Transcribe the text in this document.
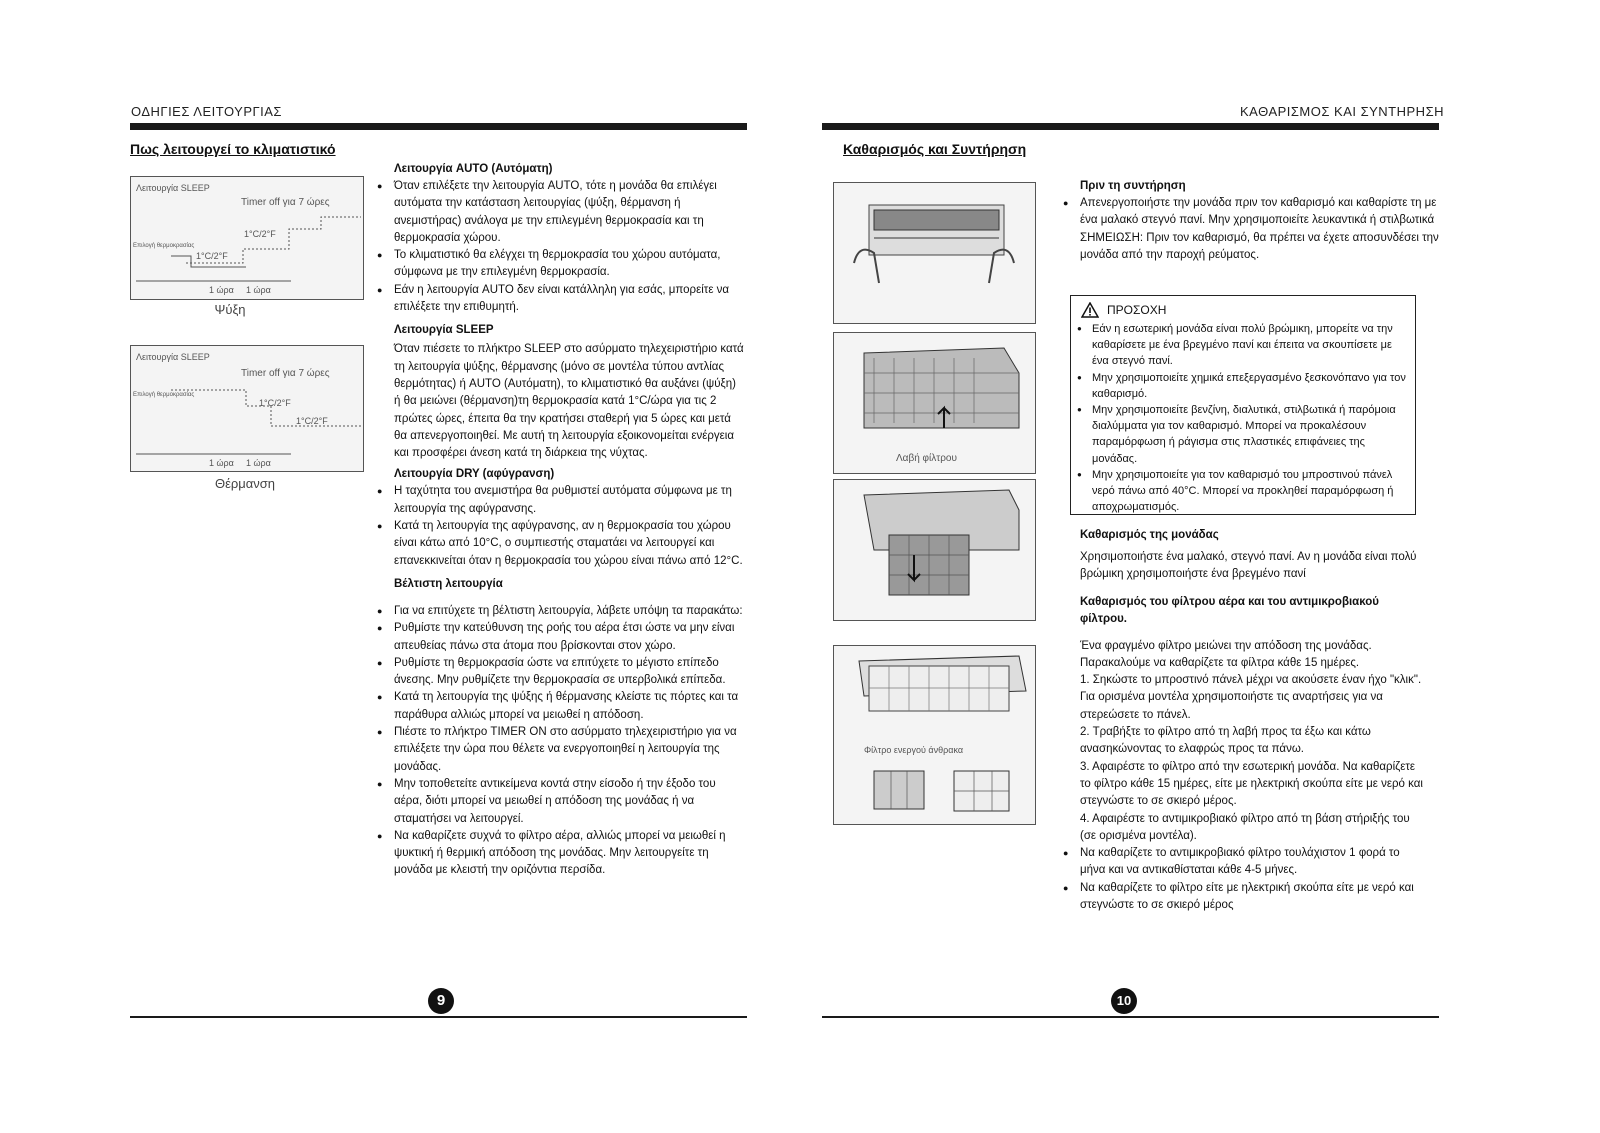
ΟΔΗΓΙΕΣ ΛΕΙΤΟΥΡΓΙΑΣ
Πως λειτουργεί το κλιματιστικό
Λειτουργία SLEEP
Timer off για 7 ώρες
Επιλογή θερμοκρασίας
1°C/2°F
1°C/2°F
1 ώρα 1 ώρα
Ψύξη
Λειτουργία SLEEP
Timer off για 7 ώρες
Επιλογή θερμοκρασίας
1°C/2°F
1°C/2°F
1 ώρα 1 ώρα
Θέρμανση
Λειτουργία AUTO (Αυτόματη)
● Όταν επιλέξετε την λειτουργία AUTO, τότε η μονάδα θα επιλέγει αυτόματα την κατάσταση λειτουργίας (ψύξη, θέρμανση ή ανεμιστήρας) ανάλογα με την επιλεγμένη θερμοκρασία και τη θερμοκρασία χώρου.
● Το κλιματιστικό θα ελέγχει τη θερμοκρασία του χώρου αυτόματα, σύμφωνα με την επιλεγμένη θερμοκρασία.
● Εάν η λειτουργία AUTO δεν είναι κατάλληλη για εσάς, μπορείτε να επιλέξετε την επιθυμητή.
Λειτουργία SLEEP
Όταν πιέσετε το πλήκτρο SLEEP στο ασύρματο τηλεχειριστήριο κατά τη λειτουργία ψύξης, θέρμανσης (μόνο σε μοντέλα τύπου αντλίας θερμότητας) ή AUTO (Αυτόματη), το κλιματιστικό θα αυξάνει (ψύξη) ή θα μειώνει (θέρμανση)τη θερμοκρασία κατά 1°C/ώρα για τις 2 πρώτες ώρες, έπειτα θα την κρατήσει σταθερή για 5 ώρες και μετά θα απενεργοποιηθεί. Με αυτή τη λειτουργία εξοικονομείται ενέργεια και προσφέρει άνεση κατά τη διάρκεια της νύχτας.
Λειτουργία DRY (αφύγρανση)
● Η ταχύτητα του ανεμιστήρα θα ρυθμιστεί αυτόματα σύμφωνα με τη λειτουργία της αφύγρανσης.
● Κατά τη λειτουργία της αφύγρανσης, αν η θερμοκρασία του χώρου είναι κάτω από 10°C, ο συμπιεστής σταματάει να λειτουργεί και επανεκκινείται όταν η θερμοκρασία του χώρου είναι πάνω από 12°C.
Βέλτιστη λειτουργία
● Για να επιτύχετε τη βέλτιστη λειτουργία, λάβετε υπόψη τα παρακάτω:
● Ρυθμίστε την κατεύθυνση της ροής του αέρα έτσι ώστε να μην είναι απευθείας πάνω στα άτομα που βρίσκονται στον χώρο.
● Ρυθμίστε τη θερμοκρασία ώστε να επιτύχετε το μέγιστο επίπεδο άνεσης. Μην ρυθμίζετε την θερμοκρασία σε υπερβολικά επίπεδα.
● Κατά τη λειτουργία της ψύξης ή θέρμανσης κλείστε τις πόρτες και τα παράθυρα αλλιώς μπορεί να μειωθεί η απόδοση.
● Πιέστε το πλήκτρο TIMER ON στο ασύρματο τηλεχειριστήριο για να επιλέξετε την ώρα που θέλετε να ενεργοποιηθεί η λειτουργία της μονάδας.
● Μην τοποθετείτε αντικείμενα κοντά στην είσοδο ή την έξοδο του αέρα, διότι μπορεί να μειωθεί η απόδοση της μονάδας ή να σταματήσει να λειτουργεί.
● Να καθαρίζετε συχνά το φίλτρο αέρα, αλλιώς μπορεί να μειωθεί η ψυκτική ή θερμική απόδοση της μονάδας. Μην λειτουργείτε τη μονάδα με κλειστή την οριζόντια περσίδα.
9
ΚΑΘΑΡΙΣΜΟΣ ΚΑΙ ΣΥΝΤΗΡΗΣΗ
Καθαρισμός και Συντήρηση
Λαβή φίλτρου
Φίλτρο ενεργού άνθρακα
Πριν τη συντήρηση
● Απενεργοποιήστε την μονάδα πριν τον καθαρισμό και καθαρίστε τη με ένα μαλακό στεγνό πανί. Μην χρησιμοποιείτε λευκαντικά ή στιλβωτικά
ΣΗΜΕΙΩΣΗ: Πριν τον καθαρισμό, θα πρέπει να έχετε αποσυνδέσει την μονάδα από την παροχή ρεύματος.
ΠΡΟΣΟΧΗ
● Εάν η εσωτερική μονάδα είναι πολύ βρώμικη, μπορείτε να την καθαρίσετε με ένα βρεγμένο πανί και έπειτα να σκουπίσετε με ένα στεγνό πανί.
● Μην χρησιμοποιείτε χημικά επεξεργασμένο ξεσκονόπανο για τον καθαρισμό.
● Μην χρησιμοποιείτε βενζίνη, διαλυτικά, στιλβωτικά ή παρόμοια διαλύμματα για τον καθαρισμό. Μπορεί να προκαλέσουν παραμόρφωση ή ράγισμα στις πλαστικές επιφάνειες της μονάδας.
● Μην χρησιμοποιείτε για τον καθαρισμό του μπροστινού πάνελ νερό πάνω από 40°C. Μπορεί να προκληθεί παραμόρφωση ή αποχρωματισμός.
Καθαρισμός της μονάδας
Χρησιμοποιήστε ένα μαλακό, στεγνό πανί. Αν η μονάδα είναι πολύ βρώμικη χρησιμοποιήστε ένα βρεγμένο πανί
Καθαρισμός του φίλτρου αέρα και του αντιμικροβιακού φίλτρου.
Ένα φραγμένο φίλτρο μειώνει την απόδοση της μονάδας. Παρακαλούμε να καθαρίζετε τα φίλτρα κάθε 15 ημέρες.
1. Σηκώστε το μπροστινό πάνελ μέχρι να ακούσετε έναν ήχο "κλικ". Για ορισμένα μοντέλα χρησιμοποιήστε τις αναρτήσεις για να στερεώσετε το πάνελ.
2. Τραβήξτε το φίλτρο από τη λαβή προς τα έξω και κάτω ανασηκώνοντας το ελαφρώς προς τα πάνω.
3. Αφαιρέστε το φίλτρο από την εσωτερική μονάδα. Να καθαρίζετε το φίλτρο κάθε 15 ημέρες, είτε με ηλεκτρική σκούπα είτε με νερό και στεγνώστε το σε σκιερό μέρος.
4. Αφαιρέστε το αντιμικροβιακό φίλτρο από τη βάση στήριξής του (σε ορισμένα μοντέλα).
● Να καθαρίζετε το αντιμικροβιακό φίλτρο τουλάχιστον 1 φορά το μήνα και να αντικαθίσταται κάθε 4-5 μήνες.
● Να καθαρίζετε το φίλτρο είτε με ηλεκτρική σκούπα είτε με νερό και στεγνώστε το σε σκιερό μέρος
10
